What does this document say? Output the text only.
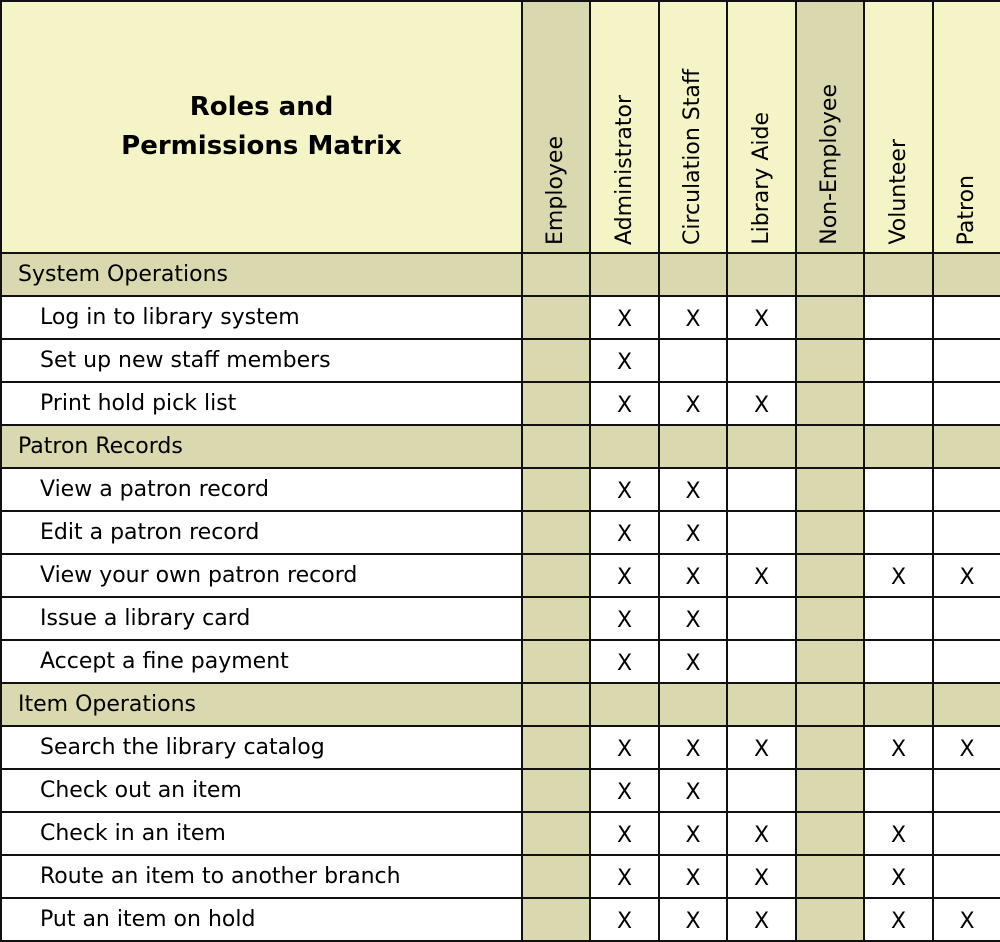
Roles and Permissions Matrix	Employee	Administrator	Circulation Staff	Library Aide	Non-Employee	Volunteer	Patron

System Operations							
Log in to library system		X	X	X			
Set up new staff members		X					
Print hold pick list		X	X	X			
Patron Records							
View a patron record		X	X				
Edit a patron record		X	X				
View your own patron record		X	X	X		X	X
Issue a library card		X	X				
Accept a fine payment		X	X				
Item Operations							
Search the library catalog		X	X	X		X	X
Check out an item		X	X				
Check in an item		X	X	X		X	
Route an item to another branch		X	X	X		X	
Put an item on hold		X	X	X		X	X
